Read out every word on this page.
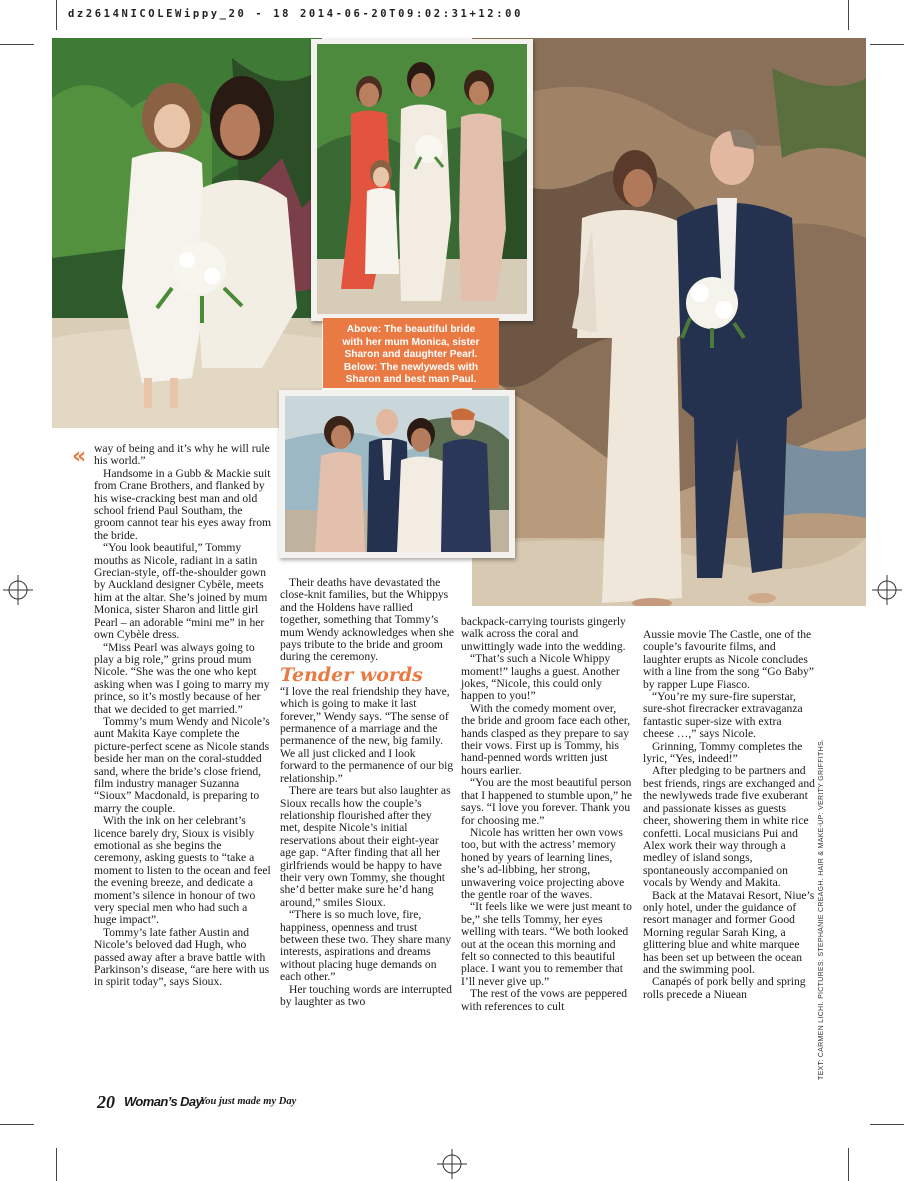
dz2614NICOLEWippy_20 - 18 2014-06-20T09:02:31+12:00
Above: The beautiful bride
with her mum Monica, sister
Sharon and daughter Pearl.
Below: The newlyweds with
Sharon and best man Paul.
« way of being and it’s why he will rule his world.”

Handsome in a Gubb & Mackie suit from Crane Brothers, and flanked by his wise-cracking best man and old school friend Paul Southam, the groom cannot tear his eyes away from the bride.

“You look beautiful,” Tommy mouths as Nicole, radiant in a satin Grecian-style, off-the-shoulder gown by Auckland designer Cybèle, meets him at the altar. She’s joined by mum Monica, sister Sharon and little girl Pearl – an adorable “mini me” in her own Cybèle dress.

“Miss Pearl was always going to play a big role,” grins proud mum Nicole. “She was the one who kept asking when was I going to marry my prince, so it’s mostly because of her that we decided to get married.”

Tommy’s mum Wendy and Nicole’s aunt Makita Kaye complete the picture-perfect scene as Nicole stands beside her man on the coral-studded sand, where the bride’s close friend, film industry manager Suzanna “Sioux” Macdonald, is preparing to marry the couple.

With the ink on her celebrant’s licence barely dry, Sioux is visibly emotional as she begins the ceremony, asking guests to “take a moment to listen to the ocean and feel the evening breeze, and dedicate a moment’s silence in honour of two very special men who had such a huge impact”.

Tommy’s late father Austin and Nicole’s beloved dad Hugh, who passed away after a brave battle with Parkinson’s disease, “are here with us in spirit today”, says Sioux.

Their deaths have devastated the close-knit families, but the Whippys and the Holdens have rallied together, something that Tommy’s mum Wendy acknowledges when she pays tribute to the bride and groom during the ceremony.

Tender words

“I love the real friendship they have, which is going to make it last forever,” Wendy says. “The sense of permanence of a marriage and the permanence of the new, big family. We all just clicked and I look forward to the permanence of our big relationship.”

There are tears but also laughter as Sioux recalls how the couple’s relationship flourished after they met, despite Nicole’s initial reservations about their eight-year age gap. “After finding that all her girlfriends would be happy to have their very own Tommy, she thought she’d better make sure he’d hang around,” smiles Sioux.

“There is so much love, fire, happiness, openness and trust between these two. They share many interests, aspirations and dreams without placing huge demands on each other.”

Her touching words are interrupted by laughter as two

backpack-carrying tourists gingerly walk across the coral and unwittingly wade into the wedding.

“That’s such a Nicole Whippy moment!” laughs a guest. Another jokes, “Nicole, this could only happen to you!”

With the comedy moment over, the bride and groom face each other, hands clasped as they prepare to say their vows. First up is Tommy, his hand-penned words written just hours earlier.

“You are the most beautiful person that I happened to stumble upon,” he says. “I love you forever. Thank you for choosing me.”

Nicole has written her own vows too, but with the actress’ memory honed by years of learning lines, she’s ad-libbing, her strong, unwavering voice projecting above the gentle roar of the waves.

“It feels like we were just meant to be,” she tells Tommy, her eyes welling with tears. “We both looked out at the ocean this morning and felt so connected to this beautiful place. I want you to remember that I’ll never give up.”

The rest of the vows are peppered with references to cult

Aussie movie The Castle, one of the couple’s favourite films, and laughter erupts as Nicole concludes with a line from the song “Go Baby” by rapper Lupe Fiasco.

“You’re my sure-fire superstar, sure-shot firecracker extravaganza fantastic super-size with extra cheese …,” says Nicole.

Grinning, Tommy completes the lyric, “Yes, indeed!”

After pledging to be partners and best friends, rings are exchanged and the newlyweds trade five exuberant and passionate kisses as guests cheer, showering them in white rice confetti. Local musicians Pui and Alex work their way through a medley of island songs, spontaneously accompanied on vocals by Wendy and Makita.

Back at the Matavai Resort, Niue’s only hotel, under the guidance of resort manager and former Good Morning regular Sarah King, a glittering blue and white marquee has been set up between the ocean and the swimming pool.

Canapés of pork belly and spring rolls precede a Niuean	TEXT: CARMEN LICHI. PICTURES: STEPHANIE CREAGH. HAIR & MAKE-UP: VERITY GRIFFITHS.
20 Woman’s Day
You just made my Day
